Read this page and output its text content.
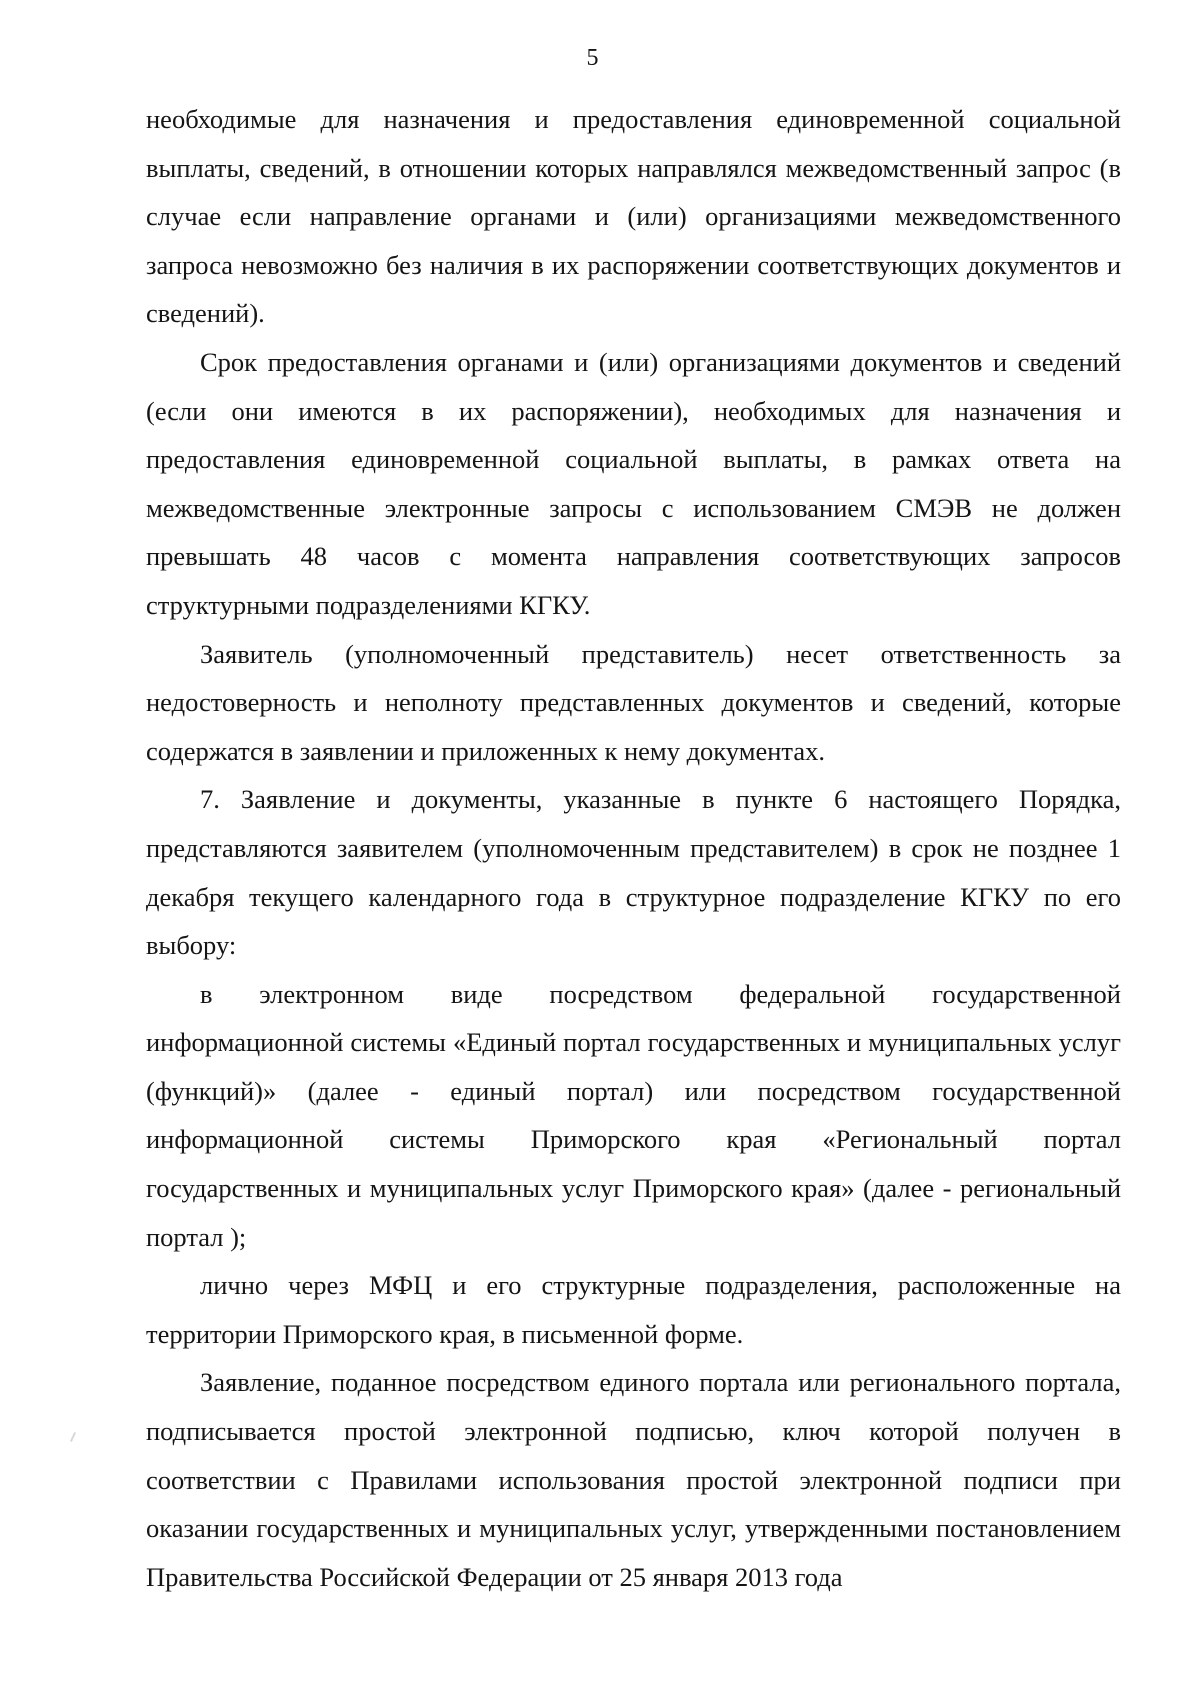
5

необходимые для назначения и предоставления единовременной социальной выплаты, сведений, в отношении которых направлялся межведомственный запрос (в случае если направление органами и (или) организациями межведомственного запроса невозможно без наличия в их распоряжении соответствующих документов и сведений).

Срок предоставления органами и (или) организациями документов и сведений (если они имеются в их распоряжении), необходимых для назначения и предоставления единовременной социальной выплаты, в рамках ответа на межведомственные электронные запросы с использованием СМЭВ не должен превышать 48 часов с момента направления соответствующих запросов структурными подразделениями КГКУ.

Заявитель (уполномоченный представитель) несет ответственность за недостоверность и неполноту представленных документов и сведений, которые содержатся в заявлении и приложенных к нему документах.

7. Заявление и документы, указанные в пункте 6 настоящего Порядка, представляются заявителем (уполномоченным представителем) в срок не позднее 1 декабря текущего календарного года в структурное подразделение КГКУ по его выбору:

в электронном виде посредством федеральной государственной информационной системы «Единый портал государственных и муниципальных услуг (функций)» (далее - единый портал) или посредством государственной информационной системы Приморского края «Региональный портал государственных и муниципальных услуг Приморского края» (далее - региональный портал );

лично через МФЦ и его структурные подразделения, расположенные на территории Приморского края, в письменной форме.

Заявление, поданное посредством единого портала или регионального портала, подписывается простой электронной подписью, ключ которой получен в соответствии с Правилами использования простой электронной подписи при оказании государственных и муниципальных услуг, утвержденными постановлением Правительства Российской Федерации от 25 января 2013 года
